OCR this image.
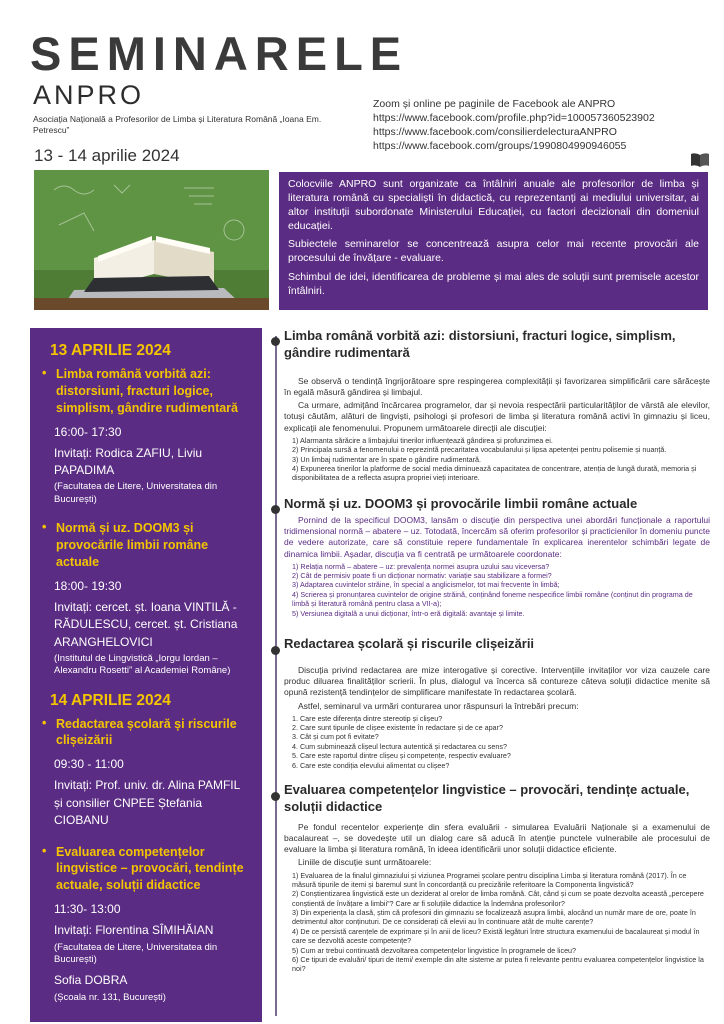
SEMINARELE
ANPRO
Asociația Națională a Profesorilor de Limba și Literatura Română „Ioana Em. Petrescu”
13 - 14 aprilie 2024
Zoom și online pe paginile de Facebook ale ANPRO
https://www.facebook.com/profile.php?id=100057360523902
https://www.facebook.com/consilierdelecturaANPRO
https://www.facebook.com/groups/1990804990946055

Colocviile ANPRO sunt organizate ca întâlniri anuale ale profesorilor de limba și literatura română cu specialiști în didactică, cu reprezentanți ai mediului universitar, ai altor instituții subordonate Ministerului Educației, cu factori decizionali din domeniul educației.

Subiectele seminarelor se concentrează asupra celor mai recente provocări ale procesului de învățare - evaluare.

Schimbul de idei, identificarea de probleme și mai ales de soluții sunt premisele acestor întâlniri.

13 APRILIE 2024
• Limba română vorbită azi: distorsiuni, fracturi logice, simplism, gândire rudimentară
16:00- 17:30
Invitați: Rodica ZAFIU, Liviu PAPADIMA
(Facultatea de Litere, Universitatea din București)
• Normă și uz. DOOM3 și provocările limbii române actuale
18:00- 19:30
Invitați: cercet. șt. Ioana VINTILĂ - RĂDULESCU, cercet. șt. Cristiana ARANGHELOVICI
(Institutul de Lingvistică „Iorgu Iordan – Alexandru Rosetti” al Academiei Române)
14 APRILIE 2024
• Redactarea școlară și riscurile clișeizării
09:30 - 11:00
Invitați: Prof. univ. dr. Alina PAMFIL și consilier CNPEE Ștefania CIOBANU
• Evaluarea competențelor lingvistice – provocări, tendințe actuale, soluții didactice
11:30- 13:00
Invitați: Florentina SÎMIHĂIAN
(Facultatea de Litere, Universitatea din București)
Sofia DOBRA
(Școala nr. 131, București)
Limba română vorbită azi: distorsiuni, fracturi logice, simplism, gândire rudimentară

Se observă o tendință îngrijorătoare spre respingerea complexității și favorizarea simplificării care sărăcește în egală măsură gândirea și limbajul.

Ca urmare, admițând încărcarea programelor, dar și nevoia respectării particularităților de vârstă ale elevilor, totuși căutăm, alături de lingviști, psihologi și profesori de limba și literatura română activi în gimnaziu și liceu, explicații ale fenomenului. Propunem următoarele direcții ale discuției:

1) Alarmanta sărăcire a limbajului tinerilor influențează gândirea și profunzimea ei.
2) Principala sursă a fenomenului o reprezintă precaritatea vocabularului și lipsa apetenței pentru polisemie și nuanță.
3) Un limbaj rudimentar are în spate o gândire rudimentară.
4) Expunerea tinerilor la platforme de social media diminuează capacitatea de concentrare, atenția de lungă durată, memoria și disponibilitatea de a reflecta asupra propriei vieți interioare.
Normă și uz. DOOM3 și provocările limbii române actuale

Pornind de la specificul DOOM3, lansăm o discuție din perspectiva unei abordări funcționale a raportului tridimensional normă – abatere – uz. Totodată, încercăm să oferim profesorilor și practicienilor în domeniu puncte de vedere autorizate, care să constituie repere fundamentale în explicarea inerentelor schimbări legate de dinamica limbii. Așadar, discuția va fi centrată pe următoarele coordonate:

1) Relația normă – abatere – uz: prevalența normei asupra uzului sau viceversa?
2) Cât de permisiv poate fi un dicționar normativ: variație sau stabilizare a formei?
3) Adaptarea cuvintelor străine, în special a anglicismelor, tot mai frecvente în limbă;
4) Scrierea și pronunțarea cuvintelor de origine străină, conținând foneme nespecifice limbii române (conținut din programa de limbă și literatură română pentru clasa a VII-a);
5) Versiunea digitală a unui dicționar, într-o eră digitală: avantaje și limite.
Redactarea școlară și riscurile clișeizării

Discuția privind redactarea are mize interogative și corective. Intervențiile invitaților vor viza cauzele care produc diluarea finalităților scrierii. În plus, dialogul va încerca să contureze câteva soluții didactice menite să opună rezistență tendințelor de simplificare manifestate în redactarea școlară.

Astfel, seminarul va urmări conturarea unor răspunsuri la întrebări precum:

1. Care este diferența dintre stereotip și clișeu?
2. Care sunt tipurile de clișee existente în redactare și de ce apar?
3. Cât și cum pot fi evitate?
4. Cum subminează clișeul lectura autentică și redactarea cu sens?
5. Care este raportul dintre clișeu și competențe, respectiv evaluare?
6. Care este condiția elevului alimentat cu clișee?
Evaluarea competențelor lingvistice – provocări, tendințe actuale, soluții didactice

Pe fondul recentelor experiențe din sfera evaluării - simularea Evaluării Naționale și a examenului de bacalaureat –, se dovedește util un dialog care să aducă în atenție punctele vulnerabile ale procesului de evaluare la limba și literatura română, în ideea identificării unor soluții didactice eficiente.

Liniile de discuție sunt următoarele:

1) Evaluarea de la finalul gimnaziului și viziunea Programei școlare pentru disciplina Limba și literatura română (2017). În ce măsură tipurile de itemi și baremul sunt în concordanță cu precizările referitoare la Componenta lingvistică?
2) Conștientizarea lingvistică este un deziderat al orelor de limba română. Cât, când și cum se poate dezvolta această „percepere conștientă de învățare a limbii”? Care ar fi soluțiile didactice la îndemâna profesorilor?
3) Din experiența la clasă, știm că profesorii din gimnaziu se focalizează asupra limbii, alocând un număr mare de ore, poate în detrimentul altor conținuturi. De ce considerați că elevii au în continuare atât de multe carențe?
4) De ce persistă carențele de exprimare și în anii de liceu? Există legături între structura examenului de bacalaureat și modul în care se dezvoltă aceste competențe?
5) Cum ar trebui continuată dezvoltarea competențelor lingvistice în programele de liceu?
6) Ce tipuri de evaluări/ tipuri de itemi/ exemple din alte sisteme ar putea fi relevante pentru evaluarea competențelor lingvistice la noi?
